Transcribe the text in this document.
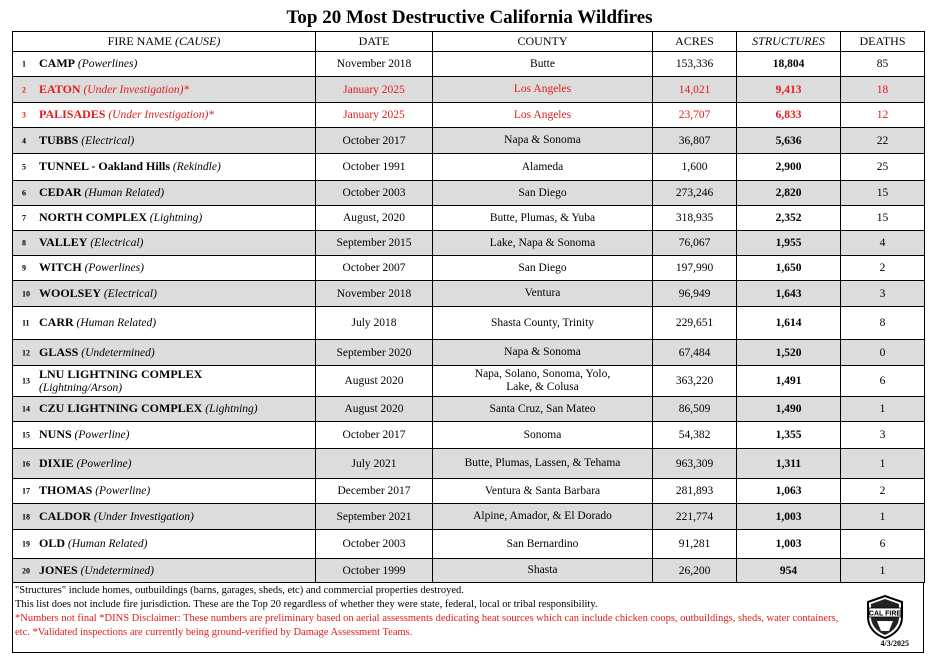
Top 20 Most Destructive California Wildfires
FIRE NAME (CAUSE)	DATE	COUNTY	ACRES	STRUCTURES	DEATHS

1 CAMP (Powerlines)	November 2018	Butte	153,336	18,804	85

2 EATON (Under Investigation)*	January 2025	Los Angeles	14,021	9,413	18

3 PALISADES (Under Investigation)*	January 2025	Los Angeles	23,707	6,833	12

4 TUBBS (Electrical)	October 2017	Napa & Sonoma	36,807	5,636	22

5 TUNNEL - Oakland Hills (Rekindle)	October 1991	Alameda	1,600	2,900	25

6 CEDAR (Human Related)	October 2003	San Diego	273,246	2,820	15

7 NORTH COMPLEX (Lightning)	August, 2020	Butte, Plumas, & Yuba	318,935	2,352	15

8 VALLEY (Electrical)	September 2015	Lake, Napa & Sonoma	76,067	1,955	4

9 WITCH (Powerlines)	October 2007	San Diego	197,990	1,650	2

10 WOOLSEY (Electrical)	November 2018	Ventura	96,949	1,643	3

11 CARR (Human Related)	July 2018	Shasta County, Trinity	229,651	1,614	8

12 GLASS (Undetermined)	September 2020	Napa & Sonoma	67,484	1,520	0

13
LNU LIGHTNING COMPLEX
(Lightning/Arson)	August 2020	Napa, Solano, Sonoma, Yolo, Lake, & Colusa	363,220	1,491	6

14 CZU LIGHTNING COMPLEX (Lightning)	August 2020	Santa Cruz, San Mateo	86,509	1,490	1

15 NUNS (Powerline)	October 2017	Sonoma	54,382	1,355	3

16 DIXIE (Powerline)	July 2021	Butte, Plumas, Lassen, & Tehama	963,309	1,311	1

17 THOMAS (Powerline)	December 2017	Ventura & Santa Barbara	281,893	1,063	2

18 CALDOR (Under Investigation)	September 2021	Alpine, Amador, & El Dorado	221,774	1,003	1

19 OLD (Human Related)	October 2003	San Bernardino	91,281	1,003	6

20 JONES (Undetermined)	October 1999	Shasta	26,200	954	1
"Structures" include homes, outbuildings (barns, garages, sheds, etc) and commercial properties destroyed.
This list does not include fire jurisdiction. These are the Top 20 regardless of whether they were state, federal, local or tribal responsibility.
*Numbers not final *DINS Disclaimer: These numbers are preliminary based on aerial assessments dedicating heat sources which can include chicken coops, outbuildings, sheds, water containers, etc. *Validated inspections are currently being ground-verified by Damage Assessment Teams.
CAL FIRE
4/3/2025
